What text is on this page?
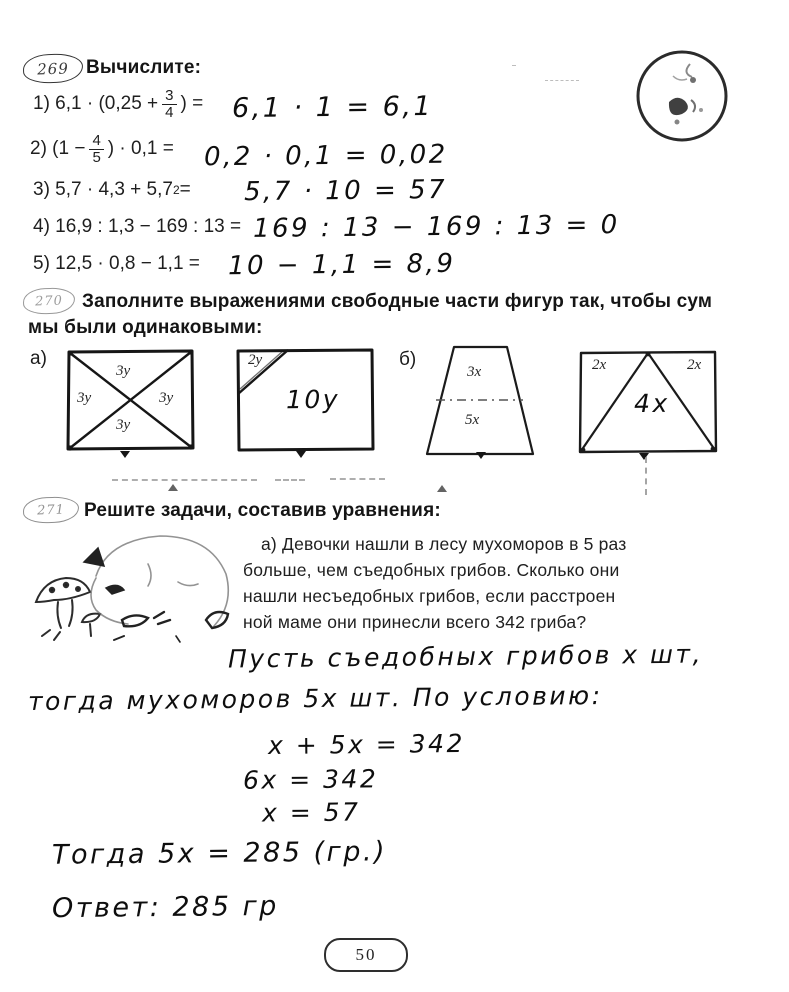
269 Вычислите:
1) $6,1 \cdot (0,25 + \frac{3}{4}$ ) = 6,1 · 1 = 6,1
2) ($1 - \frac{4}{5}$ ) · 0,1 = 0,2 · 0,1 = 0,02
3) 5,7 · 4,3 + 5,7 2 = 5,7 · 10 = 57
4) 16,9 : 1,3 − 169 : 13 = 169 : 13 − 169 : 13 = 0
5) 12,5 · 0,8 − 1,1 = 10 − 1,1 = 8,9
270 Заполните выражениями свободные части фигур так, чтобы сум
мы были одинаковыми:
а)
3у
3у	3у
3у
2у
10у
б)
3х
5х
2х	2х
4х
271 Решите задачи, составив уравнения:
а) Девочки нашли в лесу мухоморов в 5 раз
больше, чем съедобных грибов. Сколько они
нашли несъедобных грибов, если расстроен
ной маме они принесли всего 342 гриба?
Пусть съедобных грибов х шт,
тогда мухоморов 5х шт. По условию:
х + 5х = 342
6х = 342
х = 57
Тогда 5х = 285 (гр.)
Ответ: 285 гр
50
